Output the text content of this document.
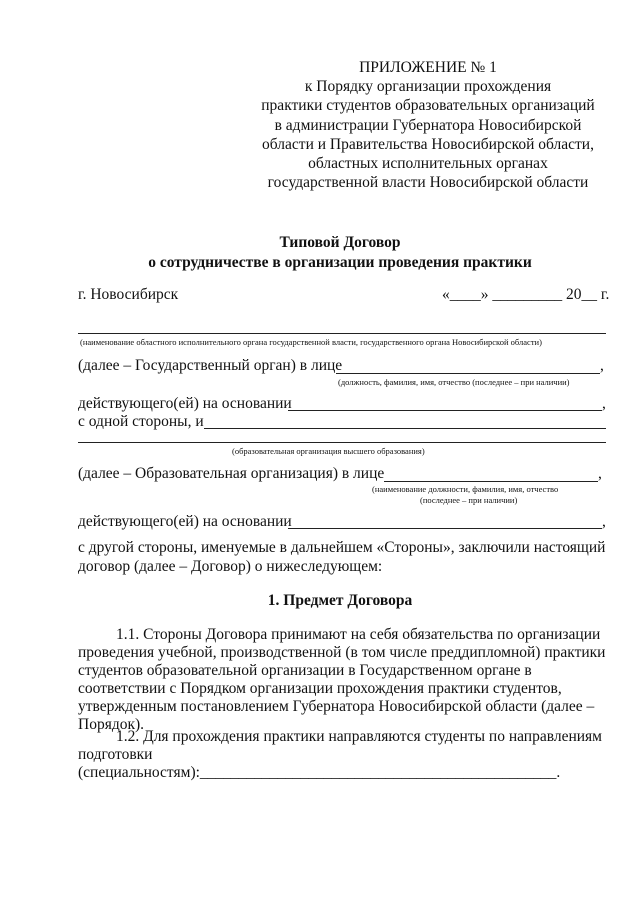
ПРИЛОЖЕНИЕ № 1
к Порядку организации прохождения
практики студентов образовательных организаций
в администрации Губернатора Новосибирской
области и Правительства Новосибирской области,
областных исполнительных органах
государственной власти Новосибирской области
Типовой Договор
о сотрудничестве в организации проведения практики
г. Новосибирск	«____» _________ 20__ г.
(наименование областного исполнительного органа государственной власти, государственного органа Новосибирской области)
(далее – Государственный орган) в лице	,
(должность, фамилия, имя, отчество (последнее – при наличии)
действующего(ей) на основании	,
с одной стороны, и
(образовательная организация высшего образования)
(далее – Образовательная организация) в лице	,
(наименование должности, фамилия, имя, отчество
(последнее – при наличии)
действующего(ей) на основании	,
с другой стороны, именуемые в дальнейшем «Стороны», заключили настоящий
договор (далее – Договор) о нижеследующем:
1. Предмет Договора
1.1. Стороны Договора принимают на себя обязательства по организации
проведения учебной, производственной (в том числе преддипломной) практики
студентов образовательной организации в Государственном органе в
соответствии с Порядком организации прохождения практики студентов,
утвержденным постановлением Губернатора Новосибирской области (далее –
Порядок).
1.2. Для прохождения практики направляются студенты по направлениям
подготовки
(специальностям):______________________________________________.
